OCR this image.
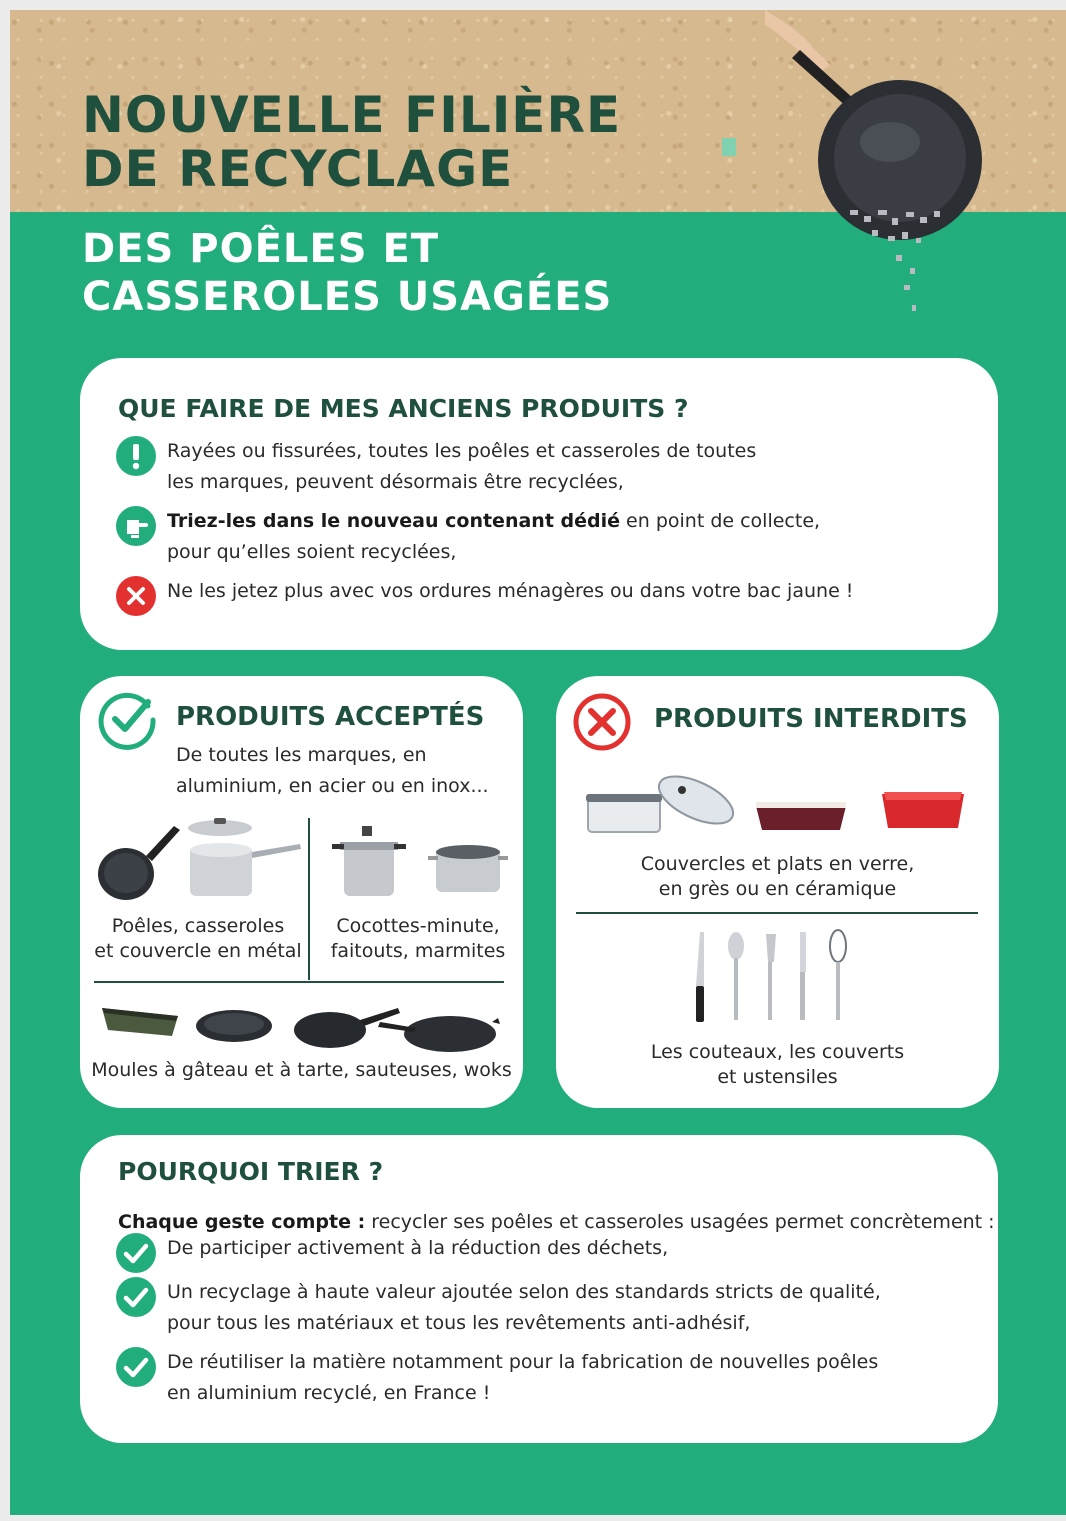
NOUVELLE FILIÈRE
DE RECYCLAGE
DES POÊLES ET
CASSEROLES USAGÉES
QUE FAIRE DE MES ANCIENS PRODUITS ?
Rayées ou fissurées, toutes les poêles et casseroles de toutes
les marques, peuvent désormais être recyclées,
Triez-les dans le nouveau contenant dédié en point de collecte,
pour qu’elles soient recyclées,
Ne les jetez plus avec vos ordures ménagères ou dans votre bac jaune !
PRODUITS ACCEPTÉS
De toutes les marques, en aluminium, en acier ou en inox...
Poêles, casseroles
et couvercle en métal
Cocottes-minute,
faitouts, marmites
Moules à gâteau et à tarte, sauteuses, woks
PRODUITS INTERDITS
Couvercles et plats en verre,
en grès ou en céramique
Les couteaux, les couverts
et ustensiles
POURQUOI TRIER ?
Chaque geste compte : recycler ses poêles et casseroles usagées permet concrètement :
De participer activement à la réduction des déchets,
Un recyclage à haute valeur ajoutée selon des standards stricts de qualité,
pour tous les matériaux et tous les revêtements anti-adhésif,
De réutiliser la matière notamment pour la fabrication de nouvelles poêles
en aluminium recyclé, en France !
